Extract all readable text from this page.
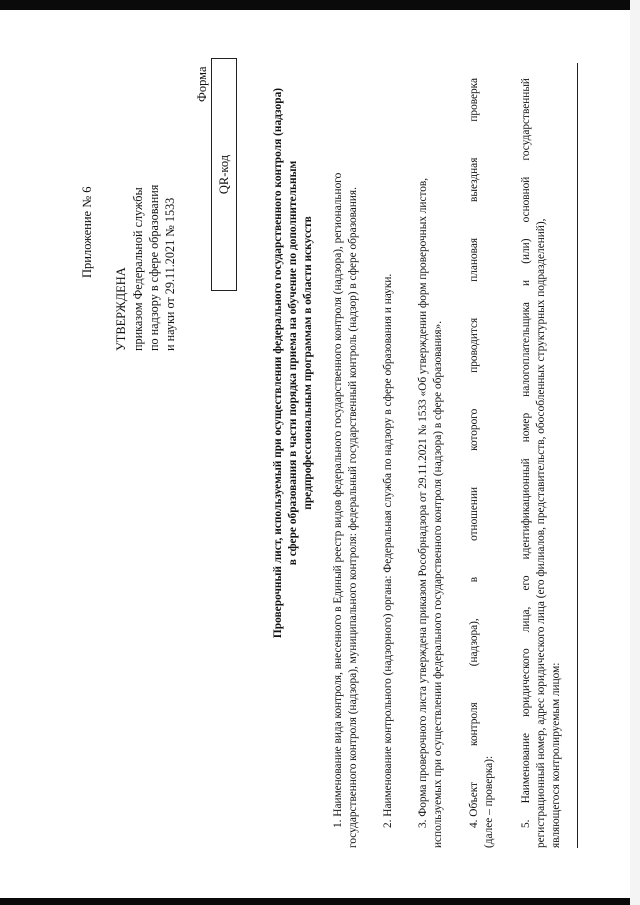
Приложение № 6
УТВЕРЖДЕНА приказом Федеральной службы по надзору в сфере образования и науки от 29.11.2021 № 1533
Форма
QR-код	Проверочный лист, используемый при осуществлении федерального государственного контроля (надзора) в сфере образования в части порядка приема на обучение по дополнительным предпрофессиональным программам в области искусств 1. Наименование вида контроля, внесенного в Единый реестр видов федерального государственного контроля (надзора), регионального государственного контроля (надзора), муниципального контроля: федеральный государственный контроль (надзор) в сфере образования. 2. Наименование контрольного (надзорного) органа: Федеральная служба по надзору в сфере образования и науки. 3. Форма проверочного листа утверждена приказом Рособрнадзора от 29.11.2021 № 1533 «Об утверждении форм проверочных листов, используемых при осуществлении федерального государственного контроля (надзора) в сфере образования». 4. Объект
контроля
(надзора),
в
отношении
которого
проводится
плановая
выездная
проверка
(далее – проверка): 5.
Наименование
юридического
лица,
его
идентификационный
номер
налогоплательщика
и
(или)
основной
государственный
регистрационный номер, адрес юридического лица (его филиалов, представительств, обособленных структурных подразделений), являющегося контролируемым лицом:
